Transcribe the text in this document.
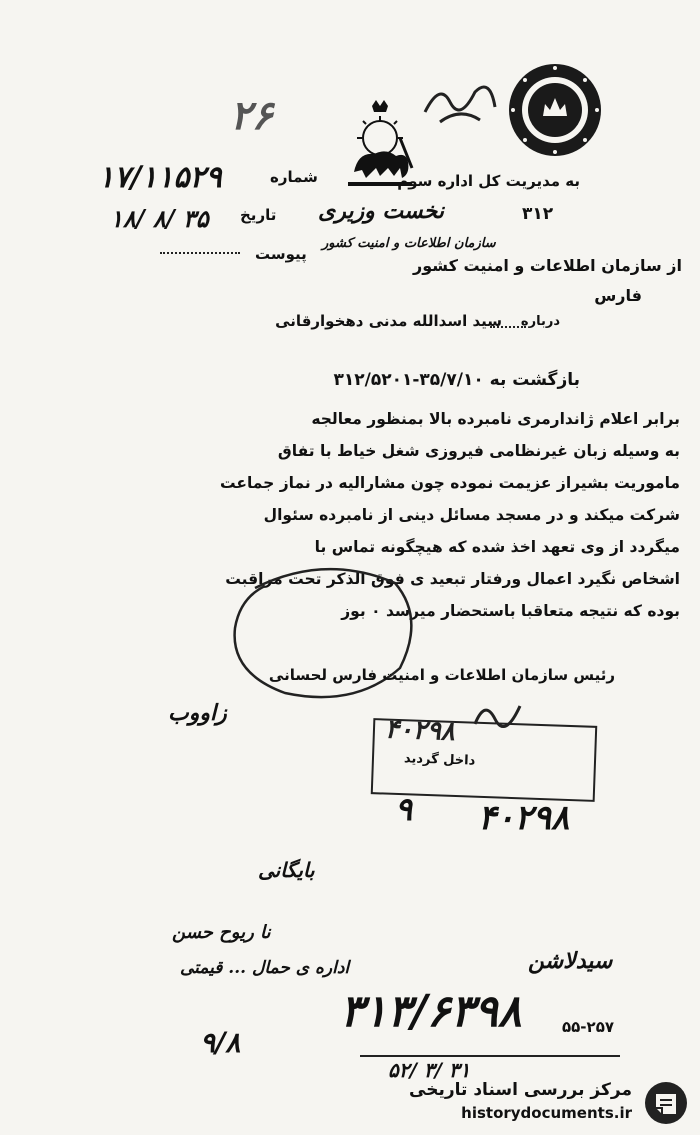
۲۶
۱۷/۱۱۵۲۹	شماره
۱۸/ ۸/ ۳۵ تاریخ
پیوست
نخست وزیری
سازمان اطلاعات و امنیت کشور
به مدیریت کل اداره سوم
۳۱۲
از سازمان اطلاعات و امنیت کشور
فارس
درباره
سید اسدالله مدنی دهخوارقانی
بازگشت به ۳۵/۷/۱۰-۳۱۲/۵۲۰۱
برابر اعلام ژاندارمری نامبرده بالا بمنظور معالجه
به وسیله زبان غیرنظامی فیروزی شغل خیاط با تفاق
ماموریت بشیراز عزیمت نموده چون مشارالیه در نماز جماعت
شرکت میکند و در مسجد مسائل دینی از نامبرده سئوال
میگردد از وی تعهد اخذ شده که هیچگونه تماس با
اشخاص نگیرد اعمال ورفتار تبعید ی فوق الذکر تحت مراقبت
بوده که نتیجه متعاقبا باستحضار میرسد ۰ بوز
رئیس سازمان اطلاعات و امنیت فارس لحسانی
زاووب
۴۰۲۹۸
داخل گردید
۹ ۴۰۲۹۸
بایگانی
نا ریوح حسن
اداره ی حمال ... قیمتی	سیدلاشن
۳۱۳/۶۳۹۸	۵۵-۲۵۷
۹/۸
۵۲/ ۳/ ۳۱
مرکز بررسی اسناد تاریخی
historydocuments.ir
